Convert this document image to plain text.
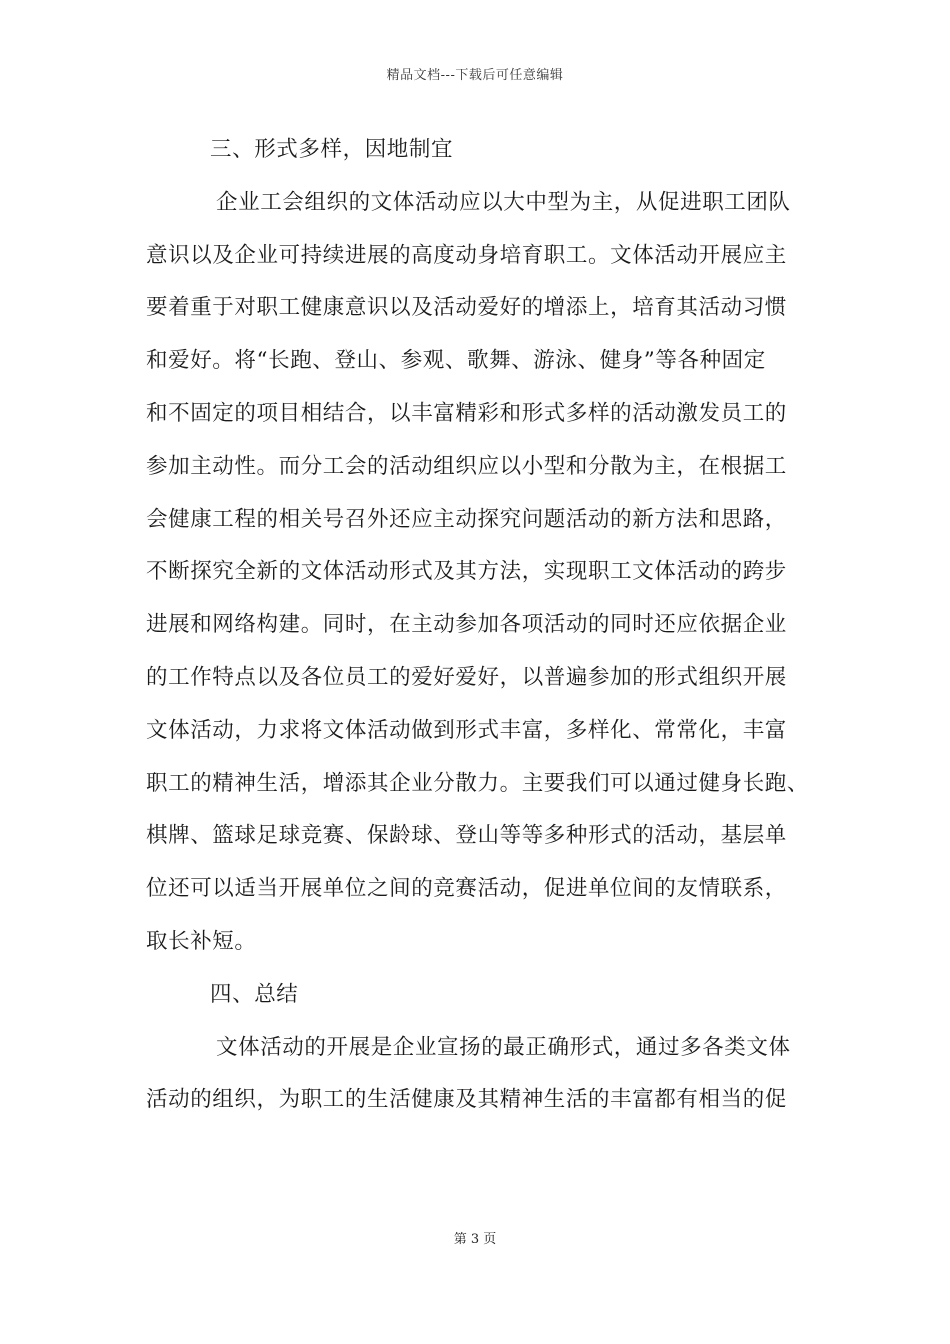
精品文档---下载后可任意编辑
三、形式多样，因地制宜
企业工会组织的文体活动应以大中型为主，从促进职工团队
意识以及企业可持续进展的高度动身培育职工。文体活动开展应主
要着重于对职工健康意识以及活动爱好的增添上，培育其活动习惯
和爱好。将“长跑、登山、参观、歌舞、游泳、健身”等各种固定
和不固定的项目相结合，以丰富精彩和形式多样的活动激发员工的
参加主动性。而分工会的活动组织应以小型和分散为主，在根据工
会健康工程的相关号召外还应主动探究问题活动的新方法和思路，
不断探究全新的文体活动形式及其方法，实现职工文体活动的跨步
进展和网络构建。同时，在主动参加各项活动的同时还应依据企业
的工作特点以及各位员工的爱好爱好，以普遍参加的形式组织开展
文体活动，力求将文体活动做到形式丰富，多样化、常常化，丰富
职工的精神生活，增添其企业分散力。主要我们可以通过健身长跑、
棋牌、篮球足球竞赛、保龄球、登山等等多种形式的活动，基层单
位还可以适当开展单位之间的竞赛活动，促进单位间的友情联系，
取长补短。
四、总结
文体活动的开展是企业宣扬的最正确形式，通过多各类文体
活动的组织，为职工的生活健康及其精神生活的丰富都有相当的促
第 3 页
